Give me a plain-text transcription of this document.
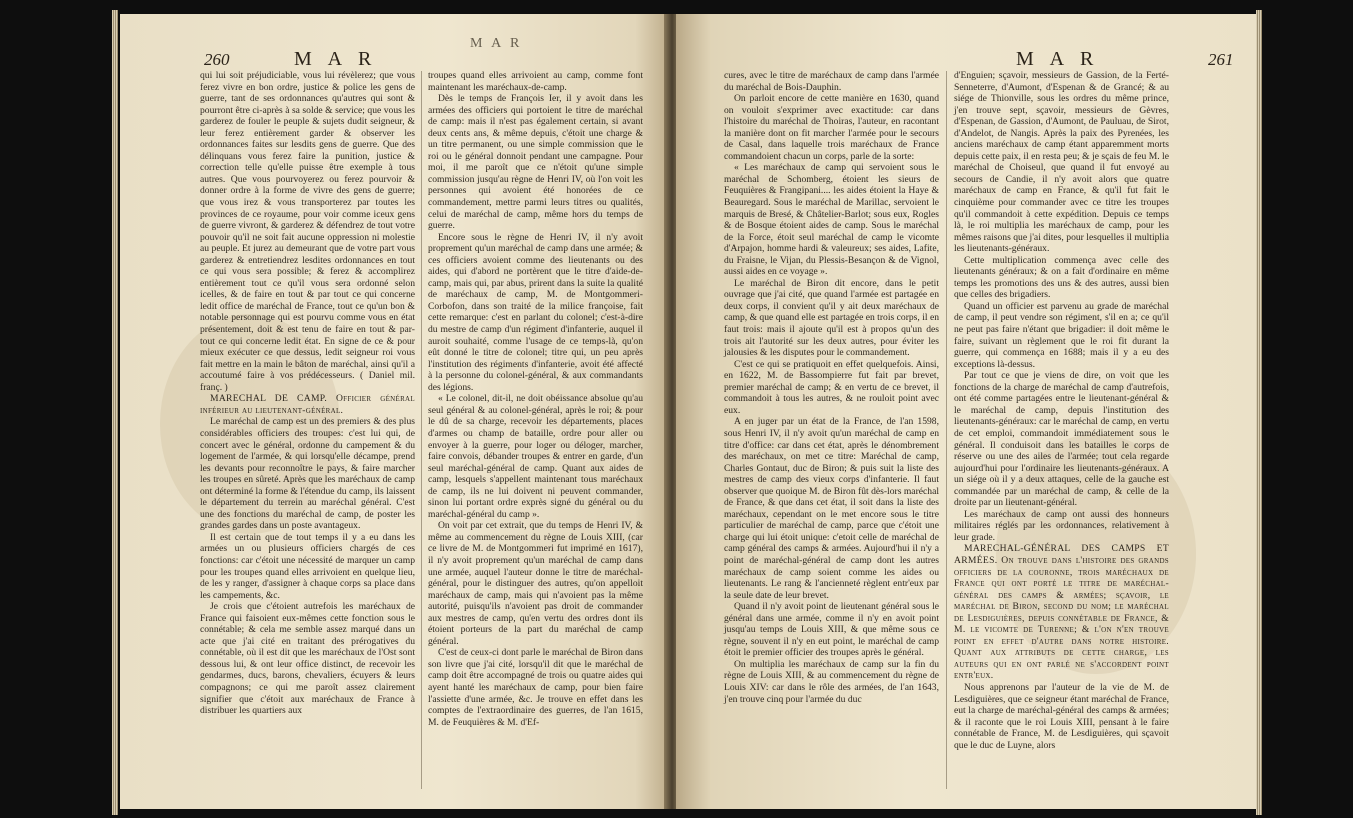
260	M A R
M A R

qui lui soit préjudiciable, vous lui révèlerez; que vous ferez vivre en bon ordre, justice & police les gens de guerre, tant de ses ordonnances qu'autres qui sont & pourront être ci-après à sa solde & service; que vous les garderez de fouler le peuple & sujets dudit seigneur, & leur ferez entièrement garder & observer les ordonnances faites sur lesdits gens de guerre. Que des délinquans vous ferez faire la punition, justice & correction telle qu'elle puisse être exemple à tous autres. Que vous pourvoyerez ou ferez pourvoir & donner ordre à la forme de vivre des gens de guerre; que vous irez & vous transporterez par toutes les provinces de ce royaume, pour voir comme iceux gens de guerre vivront, & garderez & défendrez de tout votre pouvoir qu'il ne soit fait aucune oppression ni molestie au peuple. Et jurez au demeurant que de votre part vous garderez & entretiendrez lesdites ordonnances en tout ce qui vous sera possible; & ferez & accomplirez entièrement tout ce qu'il vous sera ordonné selon icelles, & de faire en tout & par tout ce qui concerne ledit office de maréchal de France, tout ce qu'un bon & notable personnage qui est pourvu comme vous en état présentement, doit & est tenu de faire en tout & par-tout ce qui concerne ledit état. En signe de ce & pour mieux exécuter ce que dessus, ledit seigneur roi vous fait mettre en la main le bâton de maréchal, ainsi qu'il a accoutumé faire à vos prédécesseurs. ( Daniel mil. franç. )

MARECHAL DE CAMP. Officier général inférieur au lieutenant-général.

Le maréchal de camp est un des premiers & des plus considérables officiers des troupes: c'est lui qui, de concert avec le général, ordonne du campement & du logement de l'armée, & qui lorsqu'elle décampe, prend les devants pour reconnoître le pays, & faire marcher les troupes en sûreté. Après que les maréchaux de camp ont déterminé la forme & l'étendue du camp, ils laissent le département du terrein au maréchal général. C'est une des fonctions du maréchal de camp, de poster les grandes gardes dans un poste avantageux.

Il est certain que de tout temps il y a eu dans les armées un ou plusieurs officiers chargés de ces fonctions: car c'étoit une nécessité de marquer un camp pour les troupes quand elles arrivoient en quelque lieu, de les y ranger, d'assigner à chaque corps sa place dans les campements, &c.

Je crois que c'étoient autrefois les maréchaux de France qui faisoient eux-mêmes cette fonction sous le connétable; & cela me semble assez marqué dans un acte que j'ai cité en traitant des prérogatives du connétable, où il est dit que les maréchaux de l'Ost sont dessous lui, & ont leur office distinct, de recevoir les gendarmes, ducs, barons, chevaliers, écuyers & leurs compagnons; ce qui me paroît assez clairement signifier que c'étoit aux maréchaux de France à distribuer les quartiers aux

troupes quand elles arrivoient au camp, comme font maintenant les maréchaux-de-camp.

Dès le temps de François Ier, il y avoit dans les armées des officiers qui portoient le titre de maréchal de camp: mais il n'est pas également certain, si avant deux cents ans, & même depuis, c'étoit une charge & un titre permanent, ou une simple commission que le roi ou le général donnoit pendant une campagne. Pour moi, il me paroît que ce n'étoit qu'une simple commission jusqu'au règne de Henri IV, où l'on voit les personnes qui avoient été honorées de ce commandement, mettre parmi leurs titres ou qualités, celui de maréchal de camp, même hors du temps de guerre.

Encore sous le règne de Henri IV, il n'y avoit proprement qu'un maréchal de camp dans une armée; & ces officiers avoient comme des lieutenants ou des aides, qui d'abord ne portèrent que le titre d'aide-de-camp, mais qui, par abus, prirent dans la suite la qualité de maréchaux de camp, M. de Montgommeri-Corbofon, dans son traité de la milice françoise, fait cette remarque: c'est en parlant du colonel; c'est-à-dire du mestre de camp d'un régiment d'infanterie, auquel il auroit souhaité, comme l'usage de ce temps-là, qu'on eût donné le titre de colonel; titre qui, un peu après l'institution des régiments d'infanterie, avoit été affecté à la personne du colonel-général, & aux commandants des légions.

« Le colonel, dit-il, ne doit obéissance absolue qu'au seul général & au colonel-général, après le roi; & pour le dû de sa charge, recevoir les départements, places d'armes ou champ de bataille, ordre pour aller ou envoyer à la guerre, pour loger ou déloger, marcher, faire convois, débander troupes & entrer en garde, d'un seul maréchal-général de camp. Quant aux aides de camp, lesquels s'appellent maintenant tous maréchaux de camp, ils ne lui doivent ni peuvent commander, sinon lui portant ordre exprès signé du général ou du maréchal-général du camp ».

On voit par cet extrait, que du temps de Henri IV, & même au commencement du règne de Louis XIII, (car ce livre de M. de Montgommeri fut imprimé en 1617), il n'y avoit proprement qu'un maréchal de camp dans une armée, auquel l'auteur donne le titre de maréchal-général, pour le distinguer des autres, qu'on appelloit maréchaux de camp, mais qui n'avoient pas la même autorité, puisqu'ils n'avoient pas droit de commander aux mestres de camp, qu'en vertu des ordres dont ils étoient porteurs de la part du maréchal de camp général.

C'est de ceux-ci dont parle le maréchal de Biron dans son livre que j'ai cité, lorsqu'il dit que le maréchal de camp doit être accompagné de trois ou quatre aides qui ayent hanté les maréchaux de camp, pour bien faire l'assiette d'une armée, &c. Je trouve en effet dans les comptes de l'extraordinaire des guerres, de l'an 1615, M. de Feuquières & M. d'Ef-

M A R	261

cures, avec le titre de maréchaux de camp dans l'armée du maréchal de Bois-Dauphin.

On parloit encore de cette manière en 1630, quand on vouloit s'exprimer avec exactitude: car dans l'histoire du maréchal de Thoiras, l'auteur, en racontant la manière dont on fit marcher l'armée pour le secours de Casal, dans laquelle trois maréchaux de France commandoient chacun un corps, parle de la sorte:

« Les maréchaux de camp qui servoient sous le maréchal de Schomberg, étoient les sieurs de Feuquières & Frangipani.... les aides étoient la Haye & Beauregard. Sous le maréchal de Marillac, servoient le marquis de Bresé, & Châtelier-Barlot; sous eux, Rogles & de Bosque étoient aides de camp. Sous le maréchal de la Force, étoit seul maréchal de camp le vicomte d'Arpajon, homme hardi & valeureux; ses aides, Lafite, du Fraisne, le Vijan, du Plessis-Besançon & de Vignol, aussi aides en ce voyage ».

Le maréchal de Biron dit encore, dans le petit ouvrage que j'ai cité, que quand l'armée est partagée en deux corps, il convient qu'il y ait deux maréchaux de camp, & que quand elle est partagée en trois corps, il en faut trois: mais il ajoute qu'il est à propos qu'un des trois ait l'autorité sur les deux autres, pour éviter les jalousies & les disputes pour le commandement.

C'est ce qui se pratiquoit en effet quelquefois. Ainsi, en 1622, M. de Bassompierre fut fait par brevet, premier maréchal de camp; & en vertu de ce brevet, il commandoit à tous les autres, & ne rouloit point avec eux.

A en juger par un état de la France, de l'an 1598, sous Henri IV, il n'y avoit qu'un maréchal de camp en titre d'office: car dans cet état, après le dénombrement des maréchaux, on met ce titre: Maréchal de camp, Charles Gontaut, duc de Biron; & puis suit la liste des mestres de camp des vieux corps d'infanterie. Il faut observer que quoique M. de Biron fût dès-lors maréchal de France, & que dans cet état, il soit dans la liste des maréchaux, cependant on le met encore sous le titre particulier de maréchal de camp, parce que c'étoit une charge qui lui étoit unique: c'etoit celle de maréchal de camp général des camps & armées. Aujourd'hui il n'y a point de maréchal-général de camp dont les autres maréchaux de camp soient comme les aides ou lieutenants. Le rang & l'ancienneté règlent entr'eux par la seule date de leur brevet.

Quand il n'y avoit point de lieutenant général sous le général dans une armée, comme il n'y en avoit point jusqu'au temps de Louis XIII, & que même sous ce règne, souvent il n'y en eut point, le maréchal de camp étoit le premier officier des troupes après le général.

On multiplia les maréchaux de camp sur la fin du règne de Louis XIII, & au commencement du règne de Louis XIV: car dans le rôle des armées, de l'an 1643, j'en trouve cinq pour l'armée du duc

d'Enguien; sçavoir, messieurs de Gassion, de la Ferté-Senneterre, d'Aumont, d'Espenan & de Grancé; & au siége de Thionville, sous les ordres du même prince, j'en trouve sept, sçavoir, messieurs de Gèvres, d'Espenan, de Gassion, d'Aumont, de Pauluau, de Sirot, d'Andelot, de Nangis. Après la paix des Pyrenées, les anciens maréchaux de camp étant apparemment morts depuis cette paix, il en resta peu; & je sçais de feu M. le maréchal de Choiseul, que quand il fut envoyé au secours de Candie, il n'y avoit alors que quatre maréchaux de camp en France, & qu'il fut fait le cinquième pour commander avec ce titre les troupes qu'il commandoit à cette expédition. Depuis ce temps là, le roi multiplia les maréchaux de camp, pour les mêmes raisons que j'ai dites, pour lesquelles il multiplia les lieutenants-généraux.

Cette multiplication commença avec celle des lieutenants généraux; & on a fait d'ordinaire en même temps les promotions des uns & des autres, aussi bien que celles des brigadiers.

Quand un officier est parvenu au grade de maréchal de camp, il peut vendre son régiment, s'il en a; ce qu'il ne peut pas faire n'étant que brigadier: il doit même le faire, suivant un règlement que le roi fit durant la guerre, qui commença en 1688; mais il y a eu des exceptions là-dessus.

Par tout ce que je viens de dire, on voit que les fonctions de la charge de maréchal de camp d'autrefois, ont été comme partagées entre le lieutenant-général & le maréchal de camp, depuis l'institution des lieutenants-généraux: car le maréchal de camp, en vertu de cet emploi, commandoit immédiatement sous le général. Il conduisoit dans les batailles le corps de réserve ou une des ailes de l'armée; tout cela regarde aujourd'hui pour l'ordinaire les lieutenants-généraux. A un siége où il y a deux attaques, celle de la gauche est commandée par un maréchal de camp, & celle de la droite par un lieutenant-général.

Les maréchaux de camp ont aussi des honneurs militaires réglés par les ordonnances, relativement à leur grade.

MARECHAL-GÉNÉRAL DES CAMPS ET ARMÉES. On trouve dans l'histoire des grands officiers de la couronne, trois maréchaux de France qui ont porté le titre de maréchal-général des camps & armées; sçavoir, le maréchal de Biron, second du nom; le maréchal de Lesdiguières, depuis connétable de France, & M. le vicomte de Turenne; & l'on n'en trouve point en effet d'autre dans notre histoire. Quant aux attributs de cette charge, les auteurs qui en ont parlé ne s'accordent point entr'eux.

Nous apprenons par l'auteur de la vie de M. de Lesdiguières, que ce seigneur étant maréchal de France, eut la charge de maréchal-général des camps & armées; & il raconte que le roi Louis XIII, pensant à le faire connétable de France, M. de Lesdiguières, qui sçavoit que le duc de Luyne, alors
